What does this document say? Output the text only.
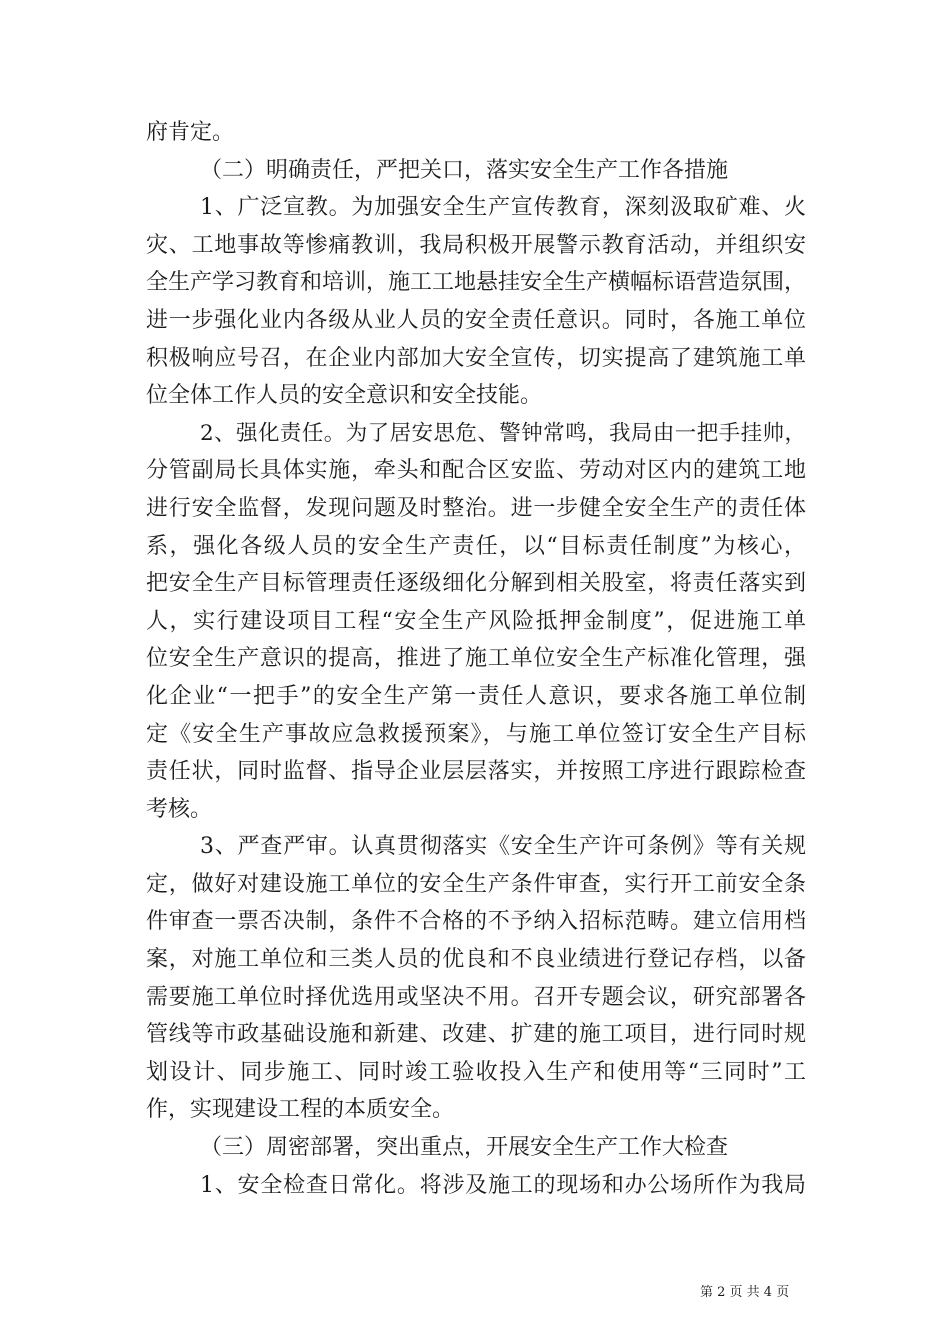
府肯定。
（二）明确责任，严把关口，落实安全生产工作各措施
1、广泛宣教。为加强安全生产宣传教育，深刻汲取矿难、火
灾、工地事故等惨痛教训，我局积极开展警示教育活动，并组织安
全生产学习教育和培训，施工工地悬挂安全生产横幅标语营造氛围，
进一步强化业内各级从业人员的安全责任意识。同时，各施工单位
积极响应号召，在企业内部加大安全宣传，切实提高了建筑施工单
位全体工作人员的安全意识和安全技能。
2、强化责任。为了居安思危、警钟常鸣，我局由一把手挂帅，
分管副局长具体实施，牵头和配合区安监、劳动对区内的建筑工地
进行安全监督，发现问题及时整治。进一步健全安全生产的责任体
系，强化各级人员的安全生产责任，以“目标责任制度”为核心，
把安全生产目标管理责任逐级细化分解到相关股室，将责任落实到
人，实行建设项目工程“安全生产风险抵押金制度”，促进施工单
位安全生产意识的提高，推进了施工单位安全生产标准化管理，强
化企业“一把手”的安全生产第一责任人意识，要求各施工单位制
定《安全生产事故应急救援预案》，与施工单位签订安全生产目标
责任状，同时监督、指导企业层层落实，并按照工序进行跟踪检查
考核。
3、严查严审。认真贯彻落实《安全生产许可条例》等有关规
定，做好对建设施工单位的安全生产条件审查，实行开工前安全条
件审查一票否决制，条件不合格的不予纳入招标范畴。建立信用档
案，对施工单位和三类人员的优良和不良业绩进行登记存档，以备
需要施工单位时择优选用或坚决不用。召开专题会议，研究部署各
管线等市政基础设施和新建、改建、扩建的施工项目，进行同时规
划设计、同步施工、同时竣工验收投入生产和使用等“三同时”工
作，实现建设工程的本质安全。
（三）周密部署，突出重点，开展安全生产工作大检查
1、安全检查日常化。将涉及施工的现场和办公场所作为我局
第 2 页 共 4 页
